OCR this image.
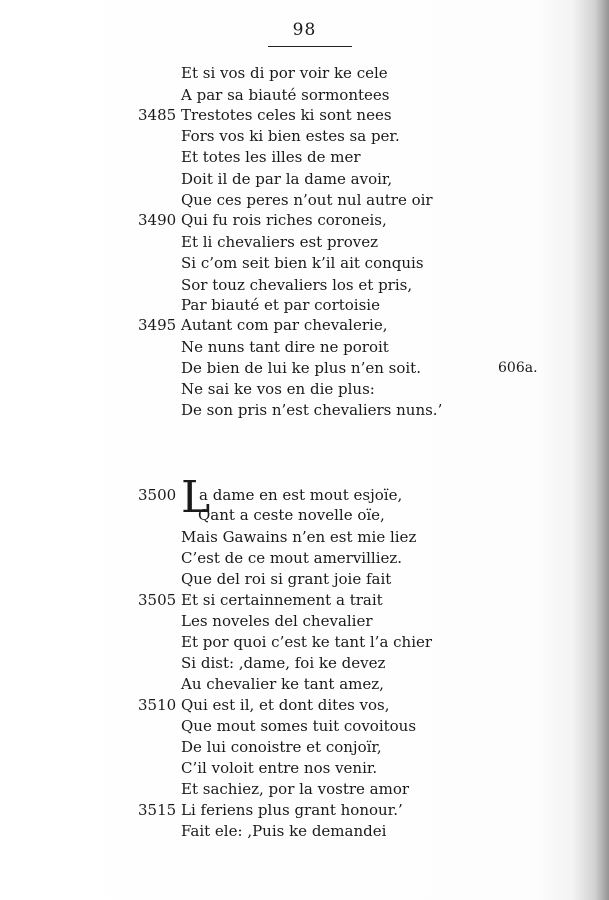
98
Et si vos di por voir ke cele
A par sa biauté sormontees
3485 Trestotes celes ki sont nees
Fors vos ki bien estes sa per.
Et totes les illes de mer
Doit il de par la dame avoir,
Que ces peres n’out nul autre oir
3490 Qui fu rois riches coroneis,
Et li chevaliers est provez
Si c’om seit bien k’il ait conquis
Sor touz chevaliers los et pris,
Par biauté et par cortoisie
3495 Autant com par chevalerie,
Ne nuns tant dire ne poroit
De bien de lui ke plus n’en soit.
Ne sai ke vos en die plus:
De son pris n’est chevaliers nuns.’
606a.
L
3500 a dame en est mout esjoïe,
Qant a ceste novelle oïe,
Mais Gawains n’en est mie liez
C’est de ce mout amervilliez.
Que del roi si grant joie fait
3505 Et si certainnement a trait
Les noveles del chevalier
Et por quoi c’est ke tant l’a chier
Si dist: ‚dame, foi ke devez
Au chevalier ke tant amez,
3510 Qui est il, et dont dites vos,
Que mout somes tuit covoitous
De lui conoistre et conjoïr,
C’il voloit entre nos venir.
Et sachiez, por la vostre amor
3515 Li feriens plus grant honour.’
Fait ele: ‚Puis ke demandei
